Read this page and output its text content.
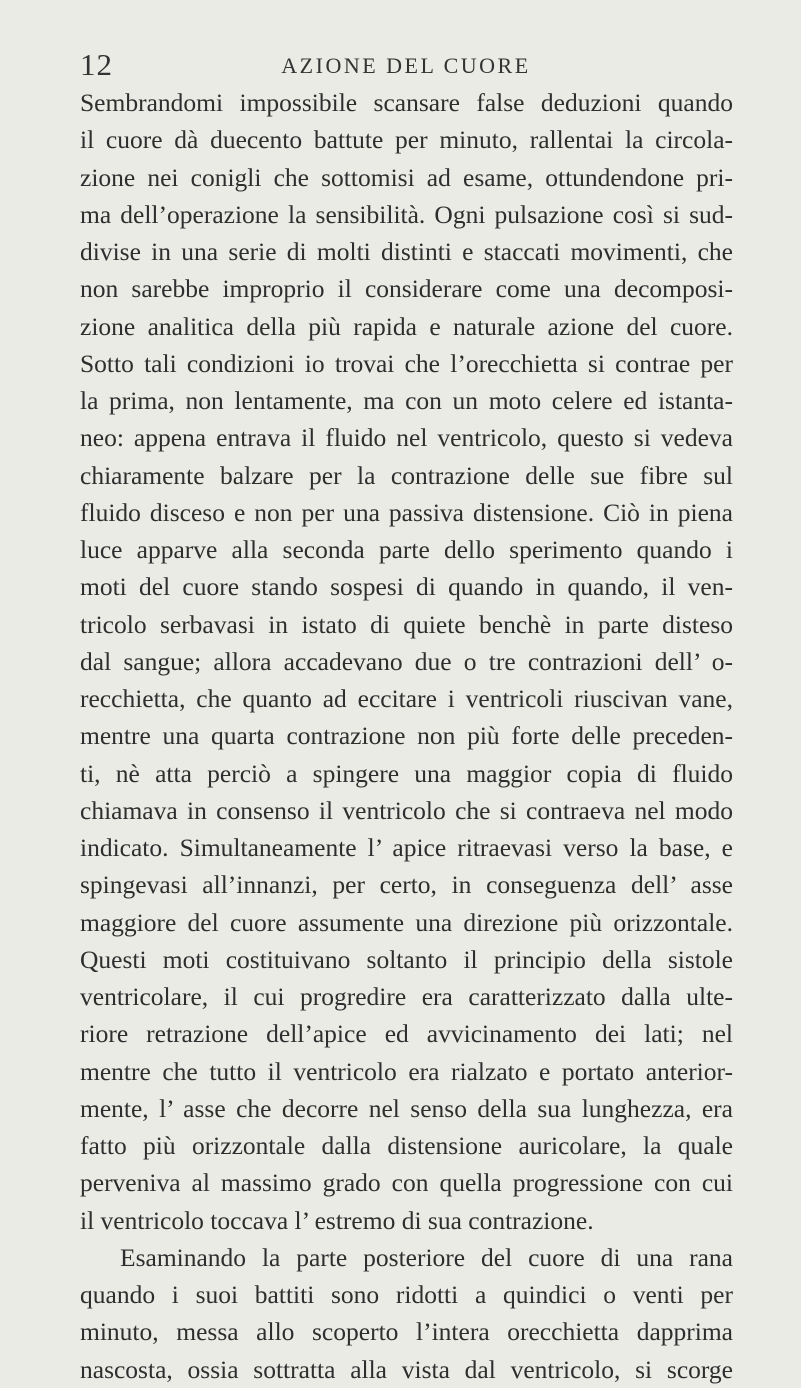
12	AZIONE DEL CUORE
Sembrandomi impossibile scansare false deduzioni quando
il cuore dà duecento battute per minuto, rallentai la circola-
zione nei conigli che sottomisi ad esame, ottundendone pri-
ma dell’operazione la sensibilità. Ogni pulsazione così si sud-
divise in una serie di molti distinti e staccati movimenti, che
non sarebbe improprio il considerare come una decomposi-
zione analitica della più rapida e naturale azione del cuore.
Sotto tali condizioni io trovai che l’orecchietta si contrae per
la prima, non lentamente, ma con un moto celere ed istanta-
neo: appena entrava il fluido nel ventricolo, questo si vedeva
chiaramente balzare per la contrazione delle sue fibre sul
fluido disceso e non per una passiva distensione. Ciò in piena
luce apparve alla seconda parte dello sperimento quando i
moti del cuore stando sospesi di quando in quando, il ven-
tricolo serbavasi in istato di quiete benchè in parte disteso
dal sangue; allora accadevano due o tre contrazioni dell’ o-
recchietta, che quanto ad eccitare i ventricoli riuscivan vane,
mentre una quarta contrazione non più forte delle preceden-
ti, nè atta perciò a spingere una maggior copia di fluido
chiamava in consenso il ventricolo che si contraeva nel modo
indicato. Simultaneamente l’ apice ritraevasi verso la base, e
spingevasi all’innanzi, per certo, in conseguenza dell’ asse
maggiore del cuore assumente una direzione più orizzontale.
Questi moti costituivano soltanto il principio della sistole
ventricolare, il cui progredire era caratterizzato dalla ulte-
riore retrazione dell’apice ed avvicinamento dei lati; nel
mentre che tutto il ventricolo era rialzato e portato anterior-
mente, l’ asse che decorre nel senso della sua lunghezza, era
fatto più orizzontale dalla distensione auricolare, la quale
perveniva al massimo grado con quella progressione con cui
il ventricolo toccava l’ estremo di sua contrazione.
Esaminando la parte posteriore del cuore di una rana
quando i suoi battiti sono ridotti a quindici o venti per
minuto, messa allo scoperto l’intera orecchietta dapprima
nascosta, ossia sottratta alla vista dal ventricolo, si scorge
